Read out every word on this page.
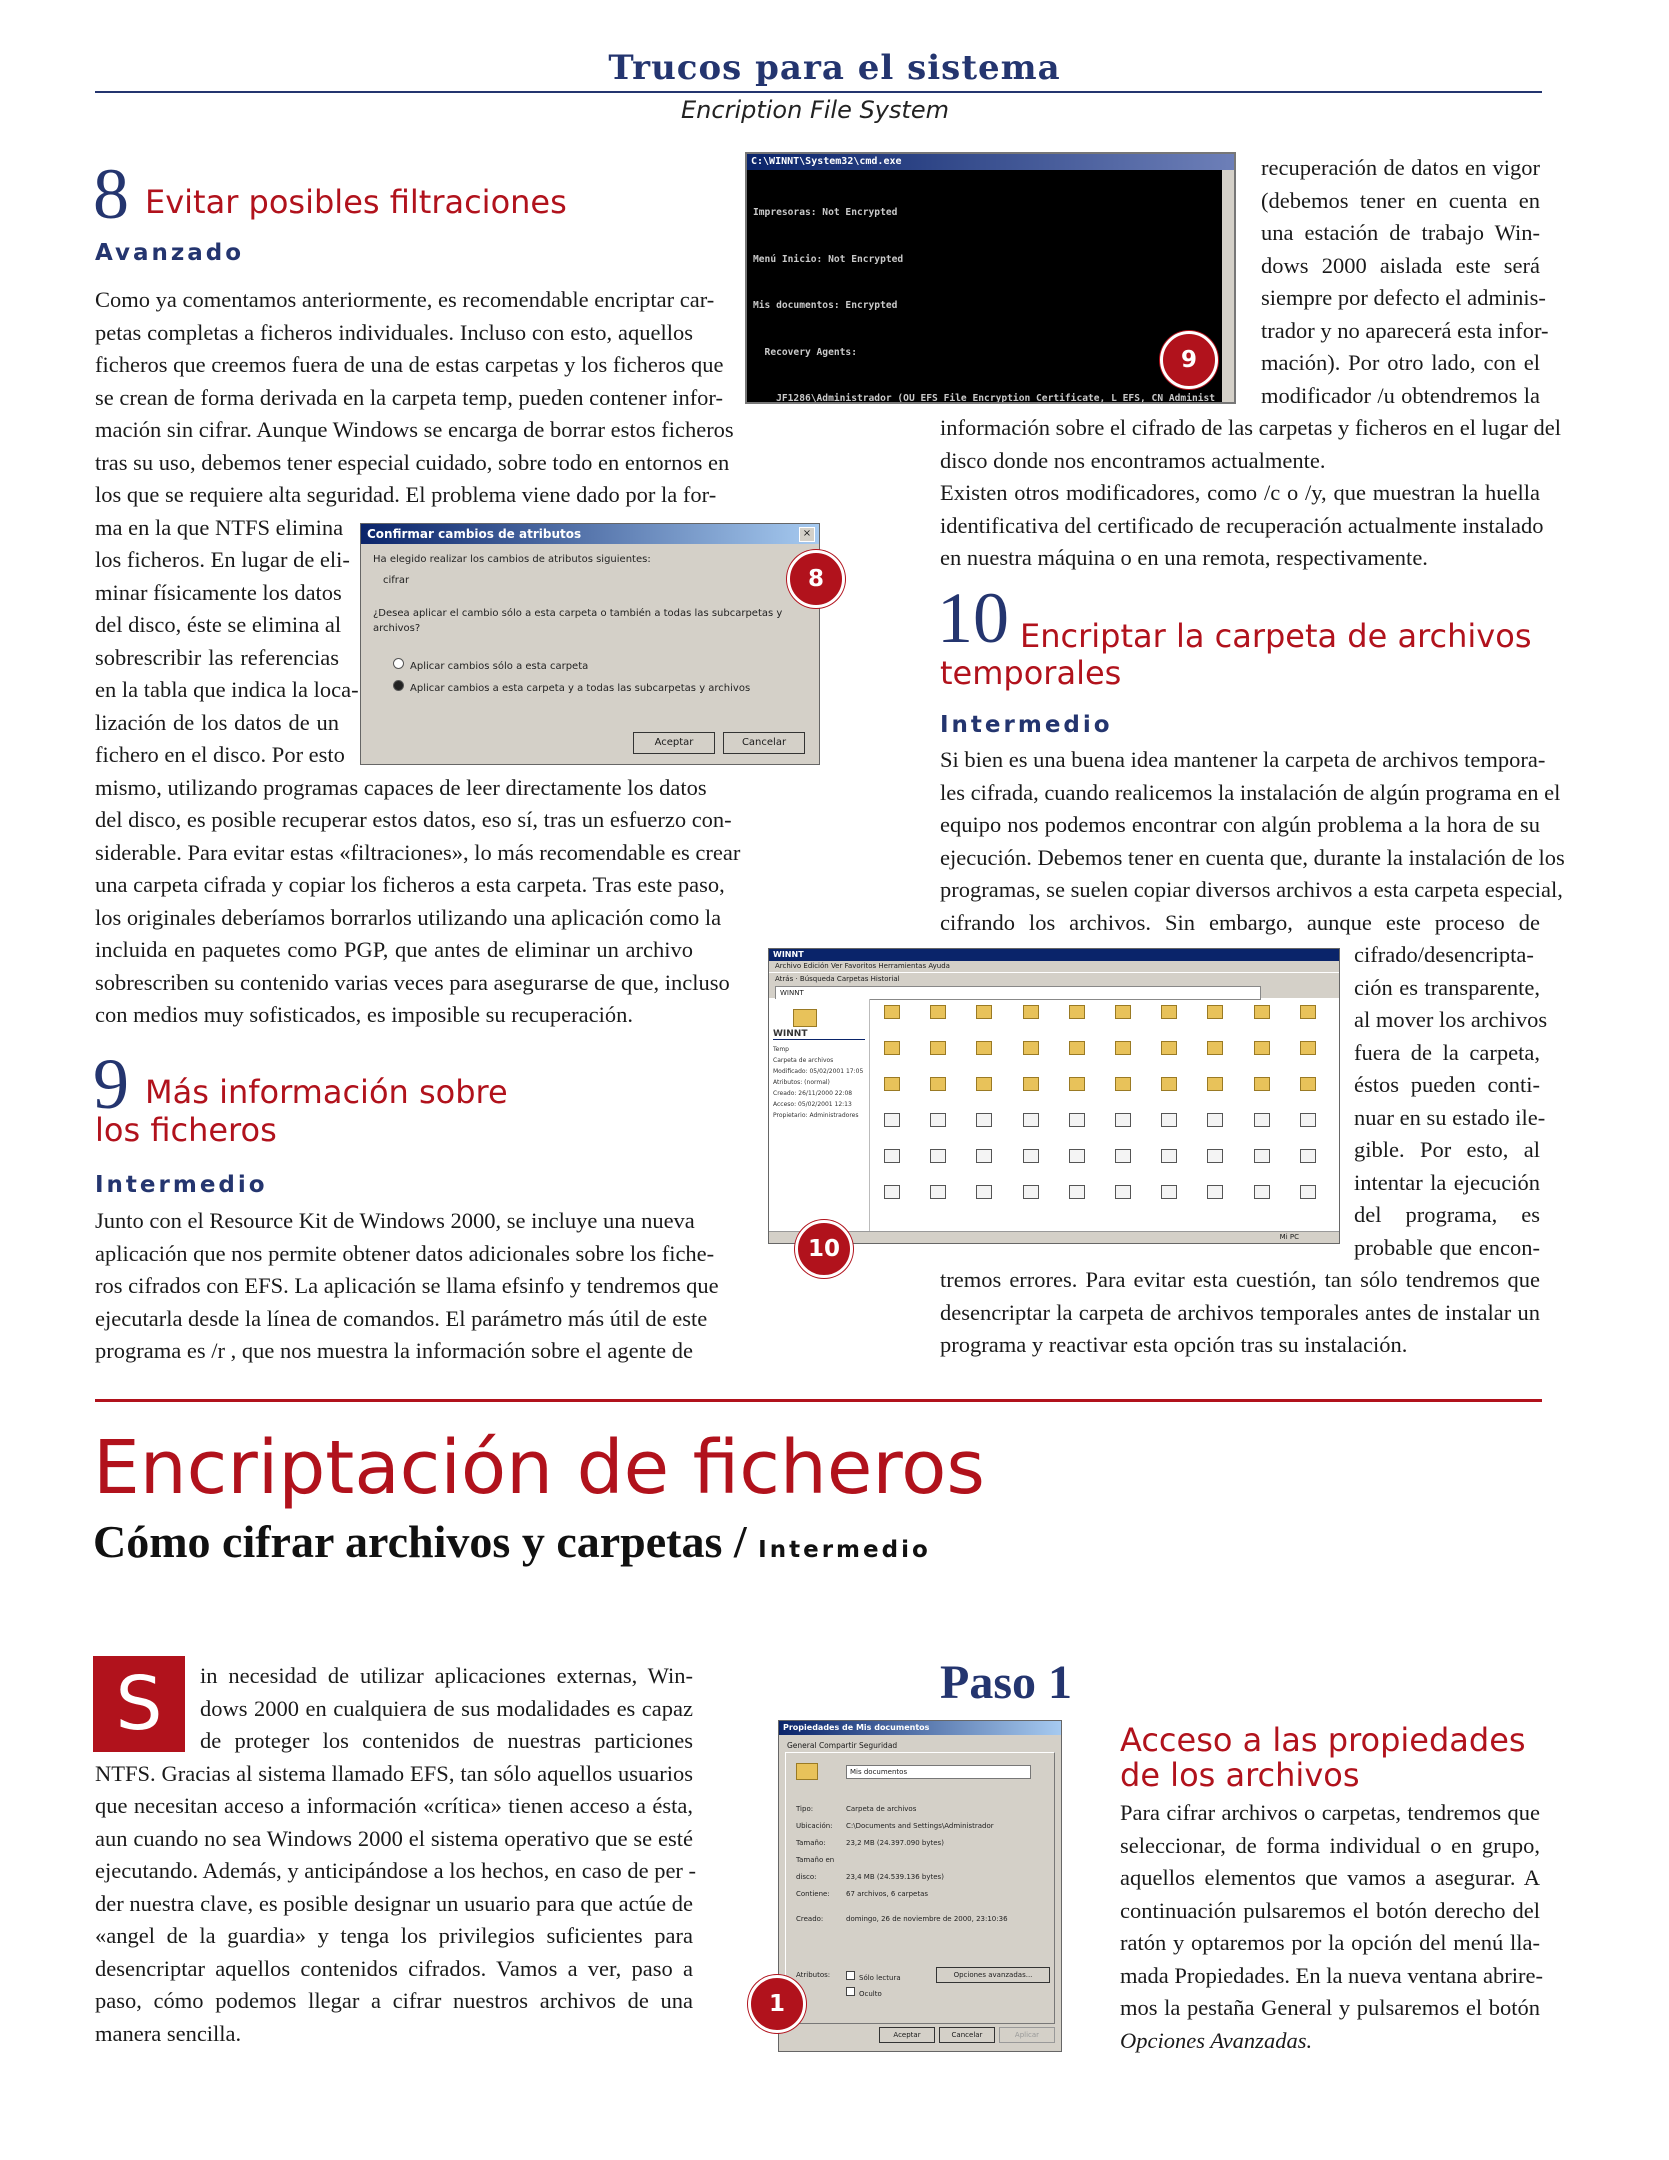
Trucos para el sistema
Encription File System
8 Evitar posibles filtraciones
Avanzado
Como ya comentamos anteriormente, es recomendable encriptar car-
petas completas a ficheros individuales. Incluso con esto, aquellos
ficheros que creemos fuera de una de estas carpetas y los ficheros que
se crean de forma derivada en la carpeta temp, pueden contener infor-
mación sin cifrar. Aunque Windows se encarga de borrar estos ficheros
tras su uso, debemos tener especial cuidado, sobre todo en entornos en
los que se requiere alta seguridad. El problema viene dado por la for-
ma en la que NTFS elimina
los ficheros. En lugar de eli-
minar físicamente los datos
del disco, éste se elimina al
sobrescribir las referencias
en la tabla que indica la loca-
lización de los datos de un
fichero en el disco. Por esto
mismo, utilizando programas capaces de leer directamente los datos
del disco, es posible recuperar estos datos, eso sí, tras un esfuerzo con-
siderable. Para evitar estas «filtraciones», lo más recomendable es crear
una carpeta cifrada y copiar los ficheros a esta carpeta. Tras este paso,
los originales deberíamos borrarlos utilizando una aplicación como la
incluida en paquetes como PGP, que antes de eliminar un archivo
sobrescriben su contenido varias veces para asegurarse de que, incluso
con medios muy sofisticados, es imposible su recuperación.
Confirmar cambios de atributos	×
Ha elegido realizar los cambios de atributos siguientes:
cifrar
¿Desea aplicar el cambio sólo a esta carpeta o también a todas las subcarpetas y archivos?
Aplicar cambios sólo a esta carpeta
Aplicar cambios a esta carpeta y a todas las subcarpetas y archivos
Aceptar	Cancelar
8
C:\WINNT\System32\cmd.exe

Impresoras: Not Encrypted

Menú Inicio: Not Encrypted

Mis documentos: Encrypted

Recovery Agents:

JF1286\Administrador (OU EFS File Encryption Certificate, L EFS, CN Administ

9
recuperación de datos en vigor
(debemos tener en cuenta en
una estación de trabajo Win-
dows 2000 aislada este será
siempre por defecto el adminis-
trador y no aparecerá esta infor-
mación). Por otro lado, con el
modificador /u obtendremos la
información sobre el cifrado de las carpetas y ficheros en el lugar del
disco donde nos encontramos actualmente.
Existen otros modificadores, como /c o /y, que muestran la huella
identificativa del certificado de recuperación actualmente instalado
en nuestra máquina o en una remota, respectivamente.
9 Más información sobre
los ficheros
Intermedio
Junto con el Resource Kit de Windows 2000, se incluye una nueva
aplicación que nos permite obtener datos adicionales sobre los fiche-
ros cifrados con EFS. La aplicación se llama efsinfo y tendremos que
ejecutarla desde la línea de comandos. El parámetro más útil de este
programa es /r , que nos muestra la información sobre el agente de
10 Encriptar la carpeta de archivos
temporales
Intermedio
Si bien es una buena idea mantener la carpeta de archivos tempora-
les cifrada, cuando realicemos la instalación de algún programa en el
equipo nos podemos encontrar con algún problema a la hora de su
ejecución. Debemos tener en cuenta que, durante la instalación de los
programas, se suelen copiar diversos archivos a esta carpeta especial,
cifrando los archivos. Sin embargo, aunque este proceso de
cifrado/desencripta-
ción es transparente,
al mover los archivos
fuera de la carpeta,
éstos pueden conti-
nuar en su estado ile-
gible. Por esto, al
intentar la ejecución
del programa, es
probable que encon-
tremos errores. Para evitar esta cuestión, tan sólo tendremos que
desencriptar la carpeta de archivos temporales antes de instalar un
programa y reactivar esta opción tras su instalación.
WINNT
Archivo Edición Ver Favoritos Herramientas Ayuda
Atrás · Búsqueda Carpetas Historial
WINNT
WINNT
Temp
Carpeta de archivos
Modificado: 05/02/2001 17:05
Atributos: (normal)
Creado: 26/11/2000 22:08
Acceso: 05/02/2001 12:13
Propietario: Administradores
Mi PC
10
Encriptación de ficheros
Cómo cifrar archivos y carpetas / Intermedio
S	in necesidad de utilizar aplicaciones externas, Win-
dows 2000 en cualquiera de sus modalidades es capaz
de proteger los contenidos de nuestras particiones
NTFS. Gracias al sistema llamado EFS, tan sólo aquellos usuarios
que necesitan acceso a información «crítica» tienen acceso a ésta,
aun cuando no sea Windows 2000 el sistema operativo que se esté
ejecutando. Además, y anticipándose a los hechos, en caso de per -
der nuestra clave, es posible designar un usuario para que actúe de
«angel de la guardia» y tenga los privilegios suficientes para
desencriptar aquellos contenidos cifrados. Vamos a ver, paso a
paso, cómo podemos llegar a cifrar nuestros archivos de una
manera sencilla.
Paso 1
Propiedades de Mis documentos
General Compartir Seguridad
Mis documentos
Tipo:	Carpeta de archivos
Ubicación: C:\Documents and Settings\Administrador
Tamaño:	23,2 MB (24.397.090 bytes)
Tamaño en disco:	23,4 MB (24.539.136 bytes)
Contiene: 67 archivos, 6 carpetas
Creado:	domingo, 26 de noviembre de 2000, 23:10:36
Atributos:	Sólo lectura
Oculto
Opciones avanzadas...
Aceptar	Cancelar	Aplicar
1
Acceso a las propiedades
de los archivos
Para cifrar archivos o carpetas, tendremos que
seleccionar, de forma individual o en grupo,
aquellos elementos que vamos a asegurar. A
continuación pulsaremos el botón derecho del
ratón y optaremos por la opción del menú lla-
mada Propiedades. En la nueva ventana abrire-
mos la pestaña General y pulsaremos el botón
Opciones Avanzadas.
